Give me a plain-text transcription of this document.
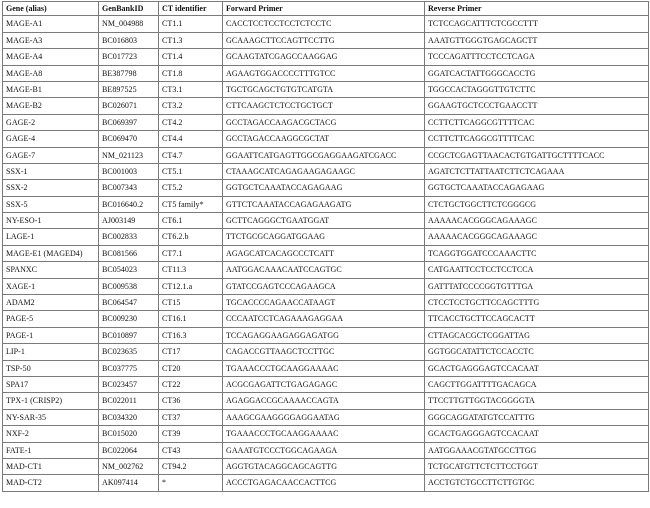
Gene (alias)	GenBankID	CT identifier	Forward Primer	Reverse Primer
MAGE-A1	NM_004988	CT1.1	CACCTCCTCCTCCTCTCCTC	TCTCCAGCATTTCTCGCCTTT
MAGE-A3	BC016803	CT1.3	GCAAAGCTTCCAGTTCCTTG	AAATGTTGGGTGAGCAGCTT
MAGE-A4	BC017723	CT1.4	GCAAGTATCGAGCCAAGGAG	TCCCAGATTTCCTCCTCAGA
MAGE-A8	BE387798	CT1.8	AGAAGTGGACCCCTTTGTCC	GGATCACTATTGGGCACCTG
MAGE-B1	BE897525	CT3.1	TGCTGCAGCTGTGTCATGTA	TGGCCACTAGGGTTGTCTTC
MAGE-B2	BC026071	CT3.2	CTTCAAGCTCTCCTGCTGCT	GGAAGTGCTCCCTGAACCTT
GAGE-2	BC069397	CT4.2	GCCTAGACCAAGACGCTACG	CCTTCTTCAGGCGTTTTCAC
GAGE-4	BC069470	CT4.4	GCCTAGACCAAGGCGCTAT	CCTTCTTCAGGCGTTTTCAC
GAGE-7	NM_021123	CT4.7	GGAATTCATGAGTTGGCGAGGAAGATCGACC	CCGCTCGAGTTAACACTGTGATTGCTTTTCACC
SSX-1	BC001003	CT5.1	CTAAAGCATCAGAGAAGAGAAGC	AGATCTCTTATTAATCTTCTCAGAAA
SSX-2	BC007343	CT5.2	GGTGCTCAAATACCAGAGAAG	GGTGCTCAAATACCAGAGAAG
SSX-5	BC016640.2	CT5 family*	GTTCTCAAATACCAGAGAAGATG	CTCTGCTGGCTTCTCGGGCG
NY-ESO-1	AJ003149	CT6.1	GCTTCAGGGCTGAATGGAT	AAAAACACGGGCAGAAAGC
LAGE-1	BC002833	CT6.2.b	TTCTGCGCAGGATGGAAG	AAAAACACGGGCAGAAAGC
MAGE-E1 (MAGED4)	BC081566	CT7.1	AGAGCATCACAGCCCTCATT	TCAGGTGGATCCCAAACTTC
SPANXC	BC054023	CT11.3	AATGGACAAACAATCCAGTGC	CATGAATTCCTCCTCCTCCA
XAGE-1	BC009538	CT12.1.a	GTATCCGAGTCCCAGAAGCA	GATTTATCCCCGGTGTTTGA
ADAM2	BC064547	CT15	TGCACCCCAGAACCATAAGT	CTCCTCCTGCTTCCAGCTTTG
PAGE-5	BC009230	CT16.1	CCCAATCCTCAGAAAGAGGAA	TTCACCTGCTTCCAGCACTT
PAGE-1	BC010897	CT16.3	TCCAGAGGAAGAGGAGATGG	CTTAGCACGCTCGGATTAG
LIP-1	BC023635	CT17	CAGACCGTTAAGCTCCTTGC	GGTGGCATATTCTCCACCTC
TSP-50	BC037775	CT20	TGAAACCCTGCAAGGAAAAC	GCACTGAGGGAGTCCACAAT
SPA17	BC023457	CT22	ACGCGAGATTCTGAGAGAGC	CAGCTTGGATTTTGACAGCA
TPX-1 (CRISP2)	BC022011	CT36	AGAGGACCGCAAAACCAGTA	TTCCTTGTTGGTACGGGGTA
NY-SAR-35	BC034320	CT37	AAAGCGAAGGGGAGGAATAG	GGGCAGGATATGTCCATTTG
NXF-2	BC015020	CT39	TGAAACCCTGCAAGGAAAAC	GCACTGAGGGAGTCCACAAT
FATE-1	BC022064	CT43	GAAATGTCCCTGGCAGAAGA	AATGGAAACGTATGCCTTGG
MAD-CT1	NM_002762	CT94.2	AGGTGTACAGGCAGCAGTTG	TCTGCATGTTCTCTTCCTGGT
MAD-CT2	AK097414	*	ACCCTGAGACAACCACTTCG	ACCTGTCTGCCTTCTTGTGC
